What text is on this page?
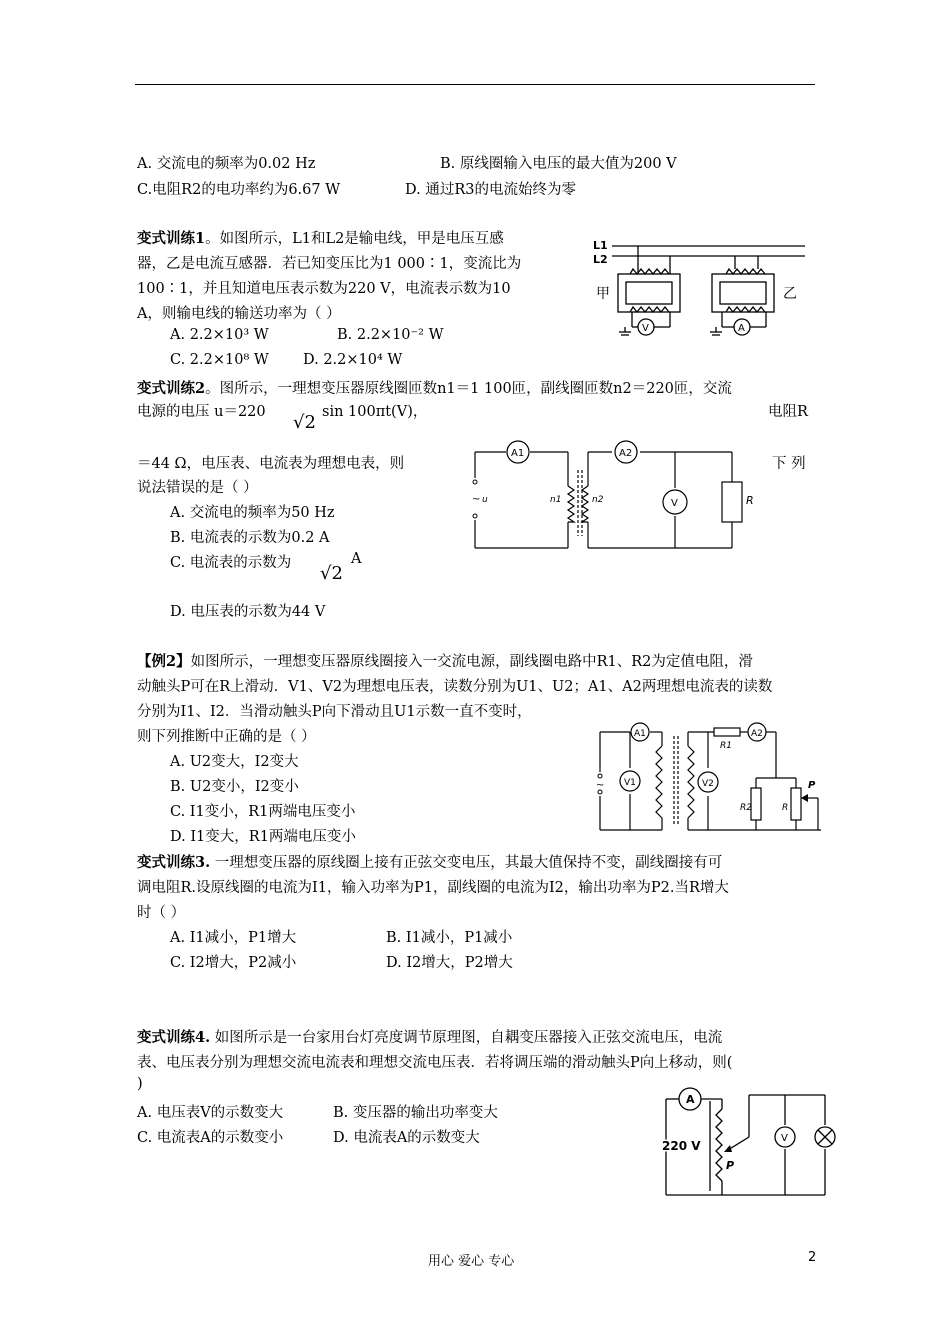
A. 交流电的频率为0.02 Hz	B. 原线圈输入电压的最大值为200 V
C.电阻R2的电功率约为6.67 W	D. 通过R3的电流始终为零
变式训练1。如图所示，L1和L2是输电线，甲是电压互感
器，乙是电流互感器．若已知变压比为1 000∶1，变流比为
100∶1，并且知道电压表示数为220 V，电流表示数为10
A，则输电线的输送功率为（ ）
A. 2.2×10³ W	B. 2.2×10⁻² W
C. 2.2×10⁸ W D. 2.2×10⁴ W
V	A
L1
L2
甲	乙
变式训练2。图所示，一理想变压器原线圈匝数n1＝1 100匝，副线圈匝数n2＝220匝，交流
电源的电压 u＝220 √2 sin 100πt(V)，	电阻R
＝44 Ω，电压表、电流表为理想电表，则	下 列
说法错误的是（ ）
A. 交流电的频率为50 Hz
B. 电流表的示数为0.2 A
C. 电流表的示数为 √2
A
D. 电压表的示数为44 V
A1	A2
V
~ u	n1	n2	R
【例2】如图所示，一理想变压器原线圈接入一交流电源，副线圈电路中R1、R2为定值电阻，滑
动触头P可在R上滑动．V1、V2为理想电压表，读数分别为U1、U2；A1、A2两理想电流表的读数
分别为I1、I2．当滑动触头P向下滑动且U1示数一直不变时，
则下列推断中正确的是（ ）
A. U2变大，I2变大
B. U2变小，I2变小
C. I1变小，R1两端电压变小
D. I1变大，R1两端电压变小
A1	A2
V1	V2
~
R1
R2	R
P
变式训练3. 一理想变压器的原线圈上接有正弦交变电压，其最大值保持不变，副线圈接有可
调电阻R.设原线圈的电流为I1，输入功率为P1，副线圈的电流为I2，输出功率为P2.当R增大
时（ ）
A. I1减小，P1增大	B. I1减小，P1减小
C. I2增大，P2减小	D. I2增大，P2增大
变式训练4. 如图所示是一台家用台灯亮度调节原理图，自耦变压器接入正弦交流电压，电流
表、电压表分别为理想交流电流表和理想交流电压表．若将调压端的滑动触头P向上移动，则(
)
A. 电压表V的示数变大	B. 变压器的输出功率变大
C. 电流表A的示数变小	D. 电流表A的示数变大
A
V
220 V
P
用心 爱心 专心	2
